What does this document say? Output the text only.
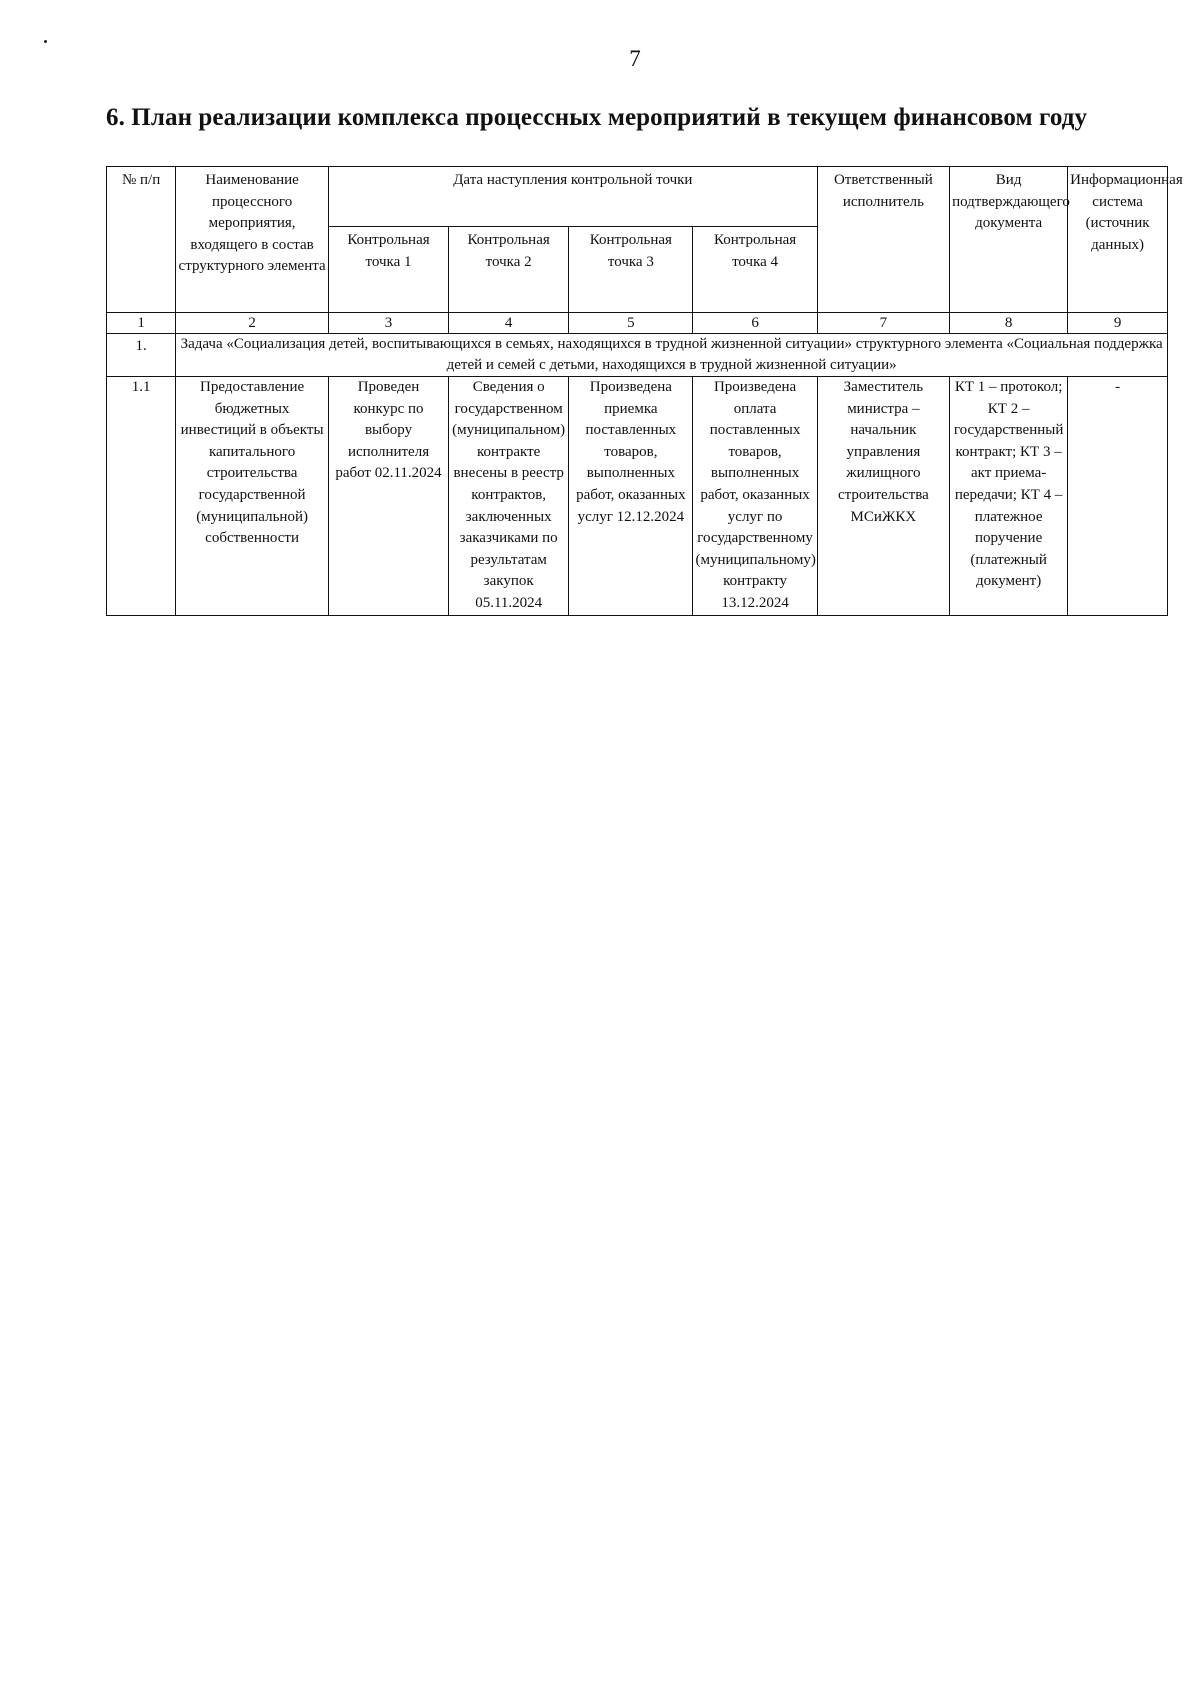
7
6. План реализации комплекса процессных мероприятий в текущем финансовом году
№ п/п	Наименование процессного мероприятия, входящего в состав структурного элемента	Дата наступления контрольной точки				Ответственный исполнитель	Вид подтверждающего документа	Информационная система (источник данных)
		Контрольная точка 1	Контрольная точка 2	Контрольная точка 3	Контрольная точка 4			
1	2	3	4	5	6	7	8	9
1.	Задача «Социализация детей, воспитывающихся в семьях, находящихся в трудной жизненной ситуации» структурного элемента «Социальная поддержка детей и семей с детьми, находящихся в трудной жизненной ситуации»							
1.1	Предоставление бюджетных инвестиций в объекты капитального строительства государственной (муниципальной) собственности	Проведен конкурс по выбору исполнителя работ 02.11.2024	Сведения о государственном (муниципальном) контракте внесены в реестр контрактов, заключенных заказчиками по результатам закупок 05.11.2024	Произведена приемка поставленных товаров, выполненных работ, оказанных услуг 12.12.2024	Произведена оплата поставленных товаров, выполненных работ, оказанных услуг по государственному (муниципальному) контракту 13.12.2024	Заместитель министра – начальник управления жилищного строительства МСиЖКХ	КТ 1 – протокол; КТ 2 – государственный контракт; КТ 3 – акт приема-передачи; КТ 4 – платежное поручение (платежный документ)	-
